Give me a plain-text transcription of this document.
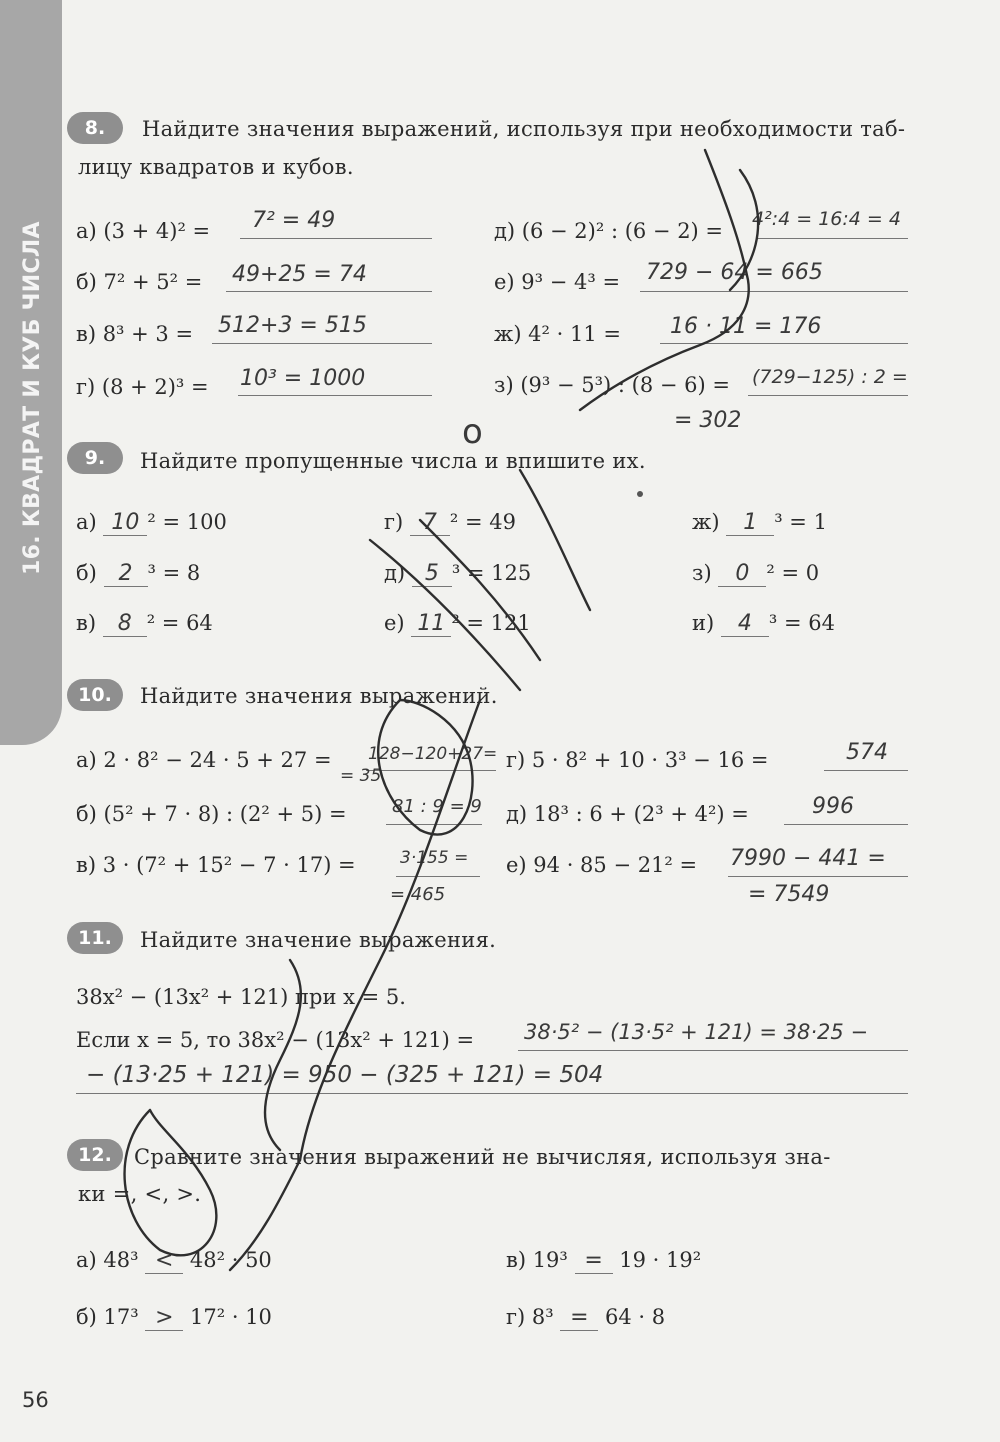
16. КВАДРАТ И КУБ ЧИСЛА
56
8.	Найдите значения выражений, используя при необходимости таб-
лицу квадратов и кубов.
а) (3 + 4)² = 7² = 49
б) 7² + 5² = 49+25 = 74
в) 8³ + 3 = 512+3 = 515
г) (8 + 2)³ = 10³ = 1000
д) (6 − 2)² : (6 − 2) = 4²:4 = 16:4 = 4
е) 9³ − 4³ = 729 − 64 = 665
ж) 4² · 11 = 16 · 11 = 176
з) (9³ − 5³) : (8 − 6) = (729−125) : 2 =
= 302
9.	Найдите пропущенные числа и впишите их.
а) 10 ² = 100
б) 2 ³ = 8
в) 8 ² = 64
г) 7 ² = 49
д) 5 ³ = 125
е) 11 ² = 121
ж) 1 ³ = 1
з) 0 ² = 0
и) 4 ³ = 64
10.	Найдите значения выражений.
а) 2 · 8² − 24 · 5 + 27 = 128−120+27=
= 35
б) (5² + 7 · 8) : (2² + 5) =	81 : 9 = 9
в) 3 · (7² + 15² − 7 · 17) =	3·155 =
= 465
г) 5 · 8² + 10 · 3³ − 16 =	574
д) 18³ : 6 + (2³ + 4²) =	996
е) 94 · 85 − 21² = 7990 − 441 =
= 7549
11.	Найдите значение выражения.
38x² − (13x² + 121) при x = 5.
Если x = 5, то 38x² − (13x² + 121) = 38·5² − (13·5² + 121) = 38·25 −
− (13·25 + 121) = 950 − (325 + 121) = 504
12.	Сравните значения выражений не вычисляя, используя зна-
ки =, <, >.
а) 48³ < 48² · 50
б) 17³ > 17² · 10
в) 19³ = 19 · 19²
г) 8³ = 64 · 8
o
